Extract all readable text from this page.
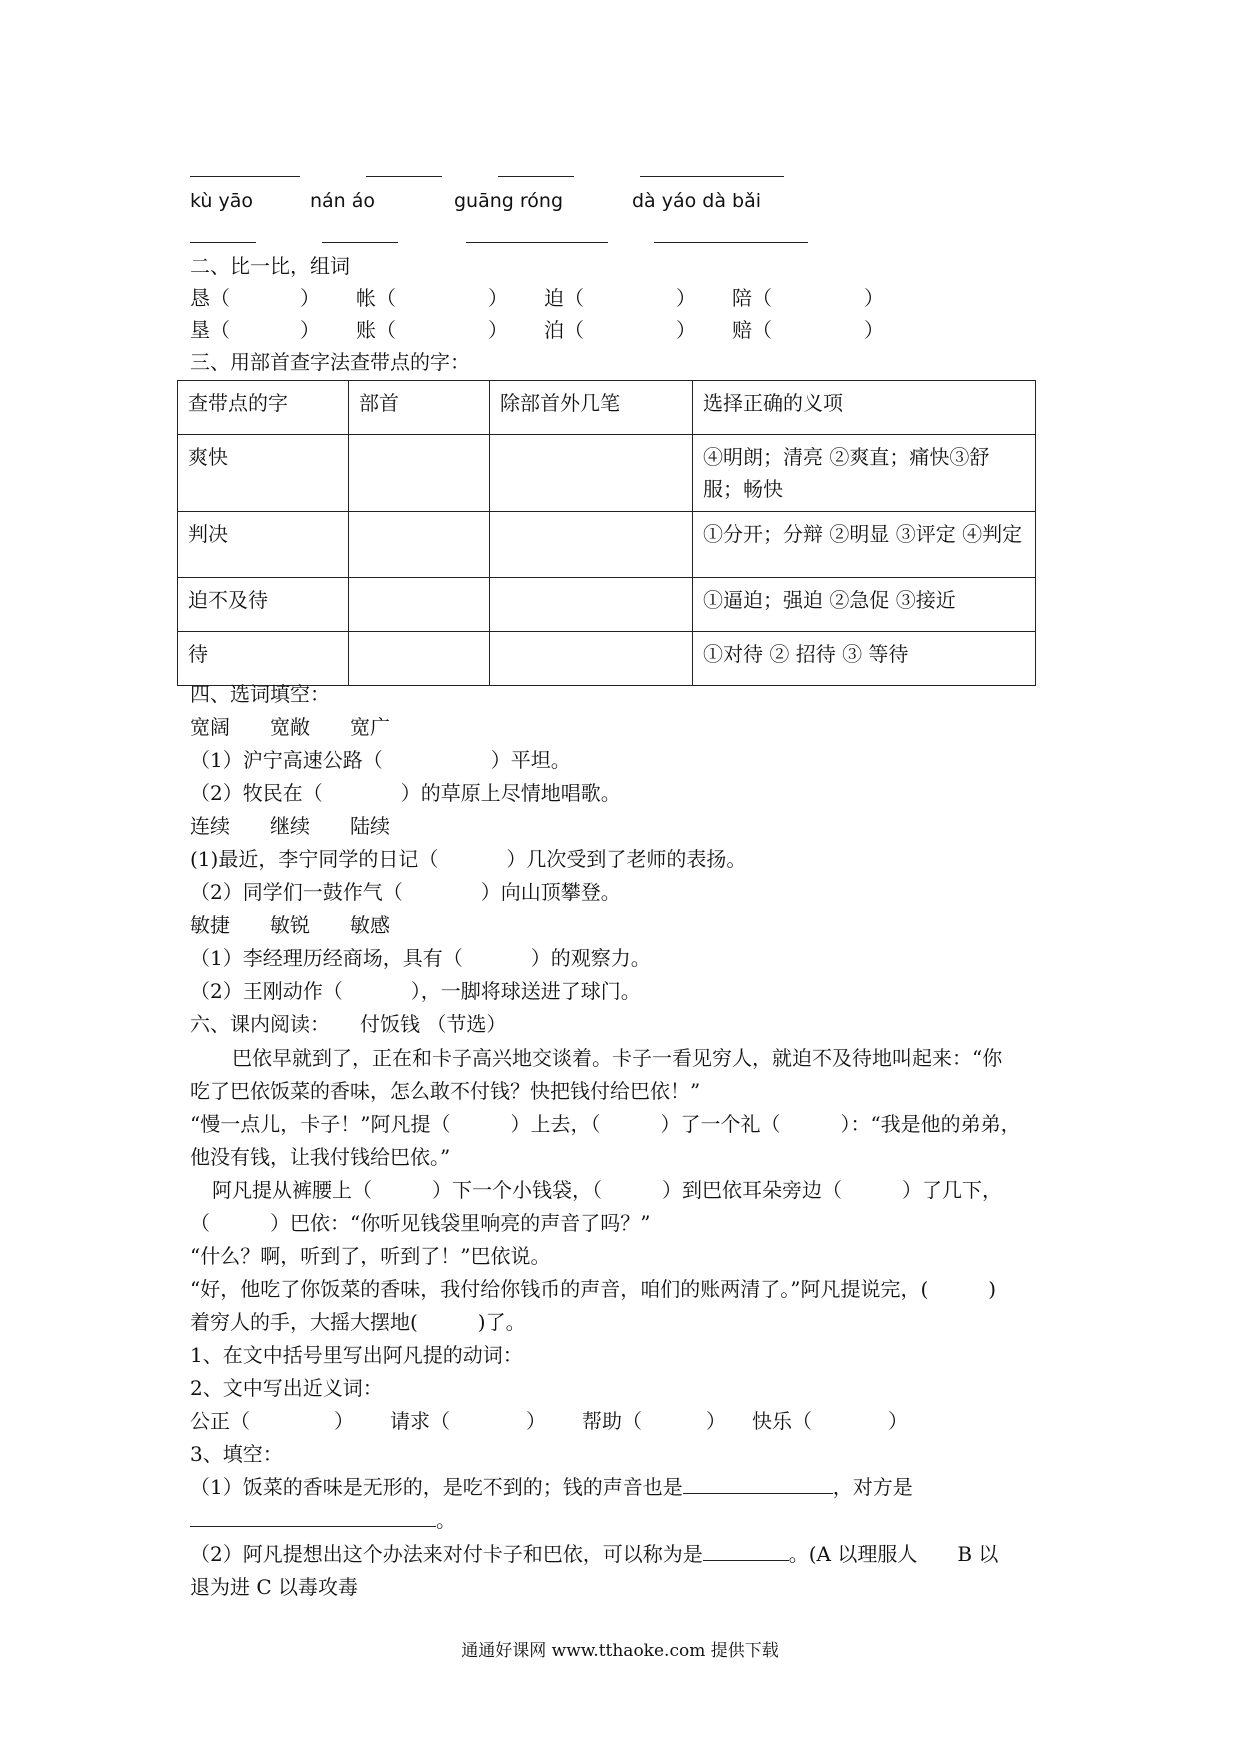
kù yāo	nán áo	guāng róng	dà yáo dà bǎi
二、比一比，组词
恳（	） 帐（	） 迫（	） 陪（	）
垦（	） 账（	） 泊（	） 赔（	）
三、用部首查字法查带点的字：
查带点的字	部首	除部首外几笔	选择正确的义项
爽快			④明朗；清亮 ②爽直；痛快③舒服；畅快
判决			①分开；分辩 ②明显 ③评定 ④判定
迫不及待			①逼迫；强迫 ②急促 ③接近
待			①对待 ② 招待 ③ 等待
四、选词填空：
宽阔　　宽敞　　宽广
（1）沪宁高速公路（	）平坦。
（2）牧民在（	）的草原上尽情地唱歌。
连续　　继续　　陆续
(1)最近，李宁同学的日记（	）几次受到了老师的表扬。
（2）同学们一鼓作气（	）向山顶攀登。
敏捷　　敏锐　　敏感
（1）李经理历经商场，具有（	）的观察力。
（2）王刚动作（	），一脚将球送进了球门。
六、课内阅读：　　付饭钱 （节选）
巴依早就到了，正在和卡子高兴地交谈着。卡子一看见穷人，就迫不及待地叫起来：“你
吃了巴依饭菜的香味，怎么敢不付钱？快把钱付给巴依！”
“慢一点儿，卡子！”阿凡提（　　　）上去，（　　　）了一个礼（　　　）：“我是他的弟弟，
他没有钱，让我付钱给巴依。”
阿凡提从裤腰上（　　　）下一个小钱袋，（　　　）到巴依耳朵旁边（　　　）了几下，
（　　　）巴依：“你听见钱袋里响亮的声音了吗？”
“什么？啊，听到了，听到了！”巴依说。
“好，他吃了你饭菜的香味，我付给你钱币的声音，咱们的账两清了。”阿凡提说完，(　　　)
着穷人的手，大摇大摆地(　　　)了。
1、在文中括号里写出阿凡提的动词：
2、文中写出近义词：
公正（	） 请求（	） 帮助（	） 快乐（	）
3、填空：
（1）饭菜的香味是无形的，是吃不到的；钱的声音也是	，对方是
。
（2）阿凡提想出这个办法来对付卡子和巴依，可以称为是	。(A 以理服人　　B 以
退为进 C 以毒攻毒
通通好课网 www.tthaoke.com 提供下载
